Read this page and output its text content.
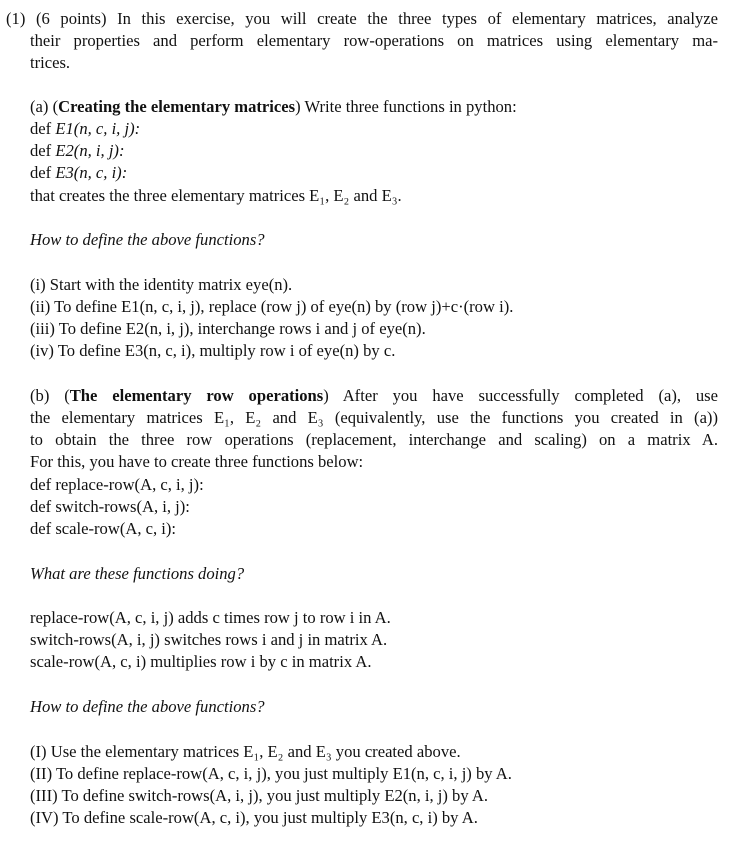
(1) (6 points) In this exercise, you will create the three types of elementary matrices, analyze

their properties and perform elementary row-operations on matrices using elementary ma-

trices.

(a) (Creating the elementary matrices) Write three functions in python:

def E1(n, c, i, j):

def E2(n, i, j):

def E3(n, c, i):

that creates the three elementary matrices E₁, E₂ and E₃.

How to define the above functions?

(i) Start with the identity matrix eye(n).

(ii) To define E1(n, c, i, j), replace (row j) of eye(n) by (row j)+c·(row i).

(iii) To define E2(n, i, j), interchange rows i and j of eye(n).

(iv) To define E3(n, c, i), multiply row i of eye(n) by c.

(b) (The elementary row operations) After you have successfully completed (a), use

the elementary matrices E₁, E₂ and E₃ (equivalently, use the functions you created in (a))

to obtain the three row operations (replacement, interchange and scaling) on a matrix A.

For this, you have to create three functions below:

def replace-row(A, c, i, j):

def switch-rows(A, i, j):

def scale-row(A, c, i):

What are these functions doing?

replace-row(A, c, i, j) adds c times row j to row i in A.

switch-rows(A, i, j) switches rows i and j in matrix A.

scale-row(A, c, i) multiplies row i by c in matrix A.

How to define the above functions?

(I) Use the elementary matrices E₁, E₂ and E₃ you created above.

(II) To define replace-row(A, c, i, j), you just multiply E1(n, c, i, j) by A.

(III) To define switch-rows(A, i, j), you just multiply E2(n, i, j) by A.

(IV) To define scale-row(A, c, i), you just multiply E3(n, c, i) by A.
